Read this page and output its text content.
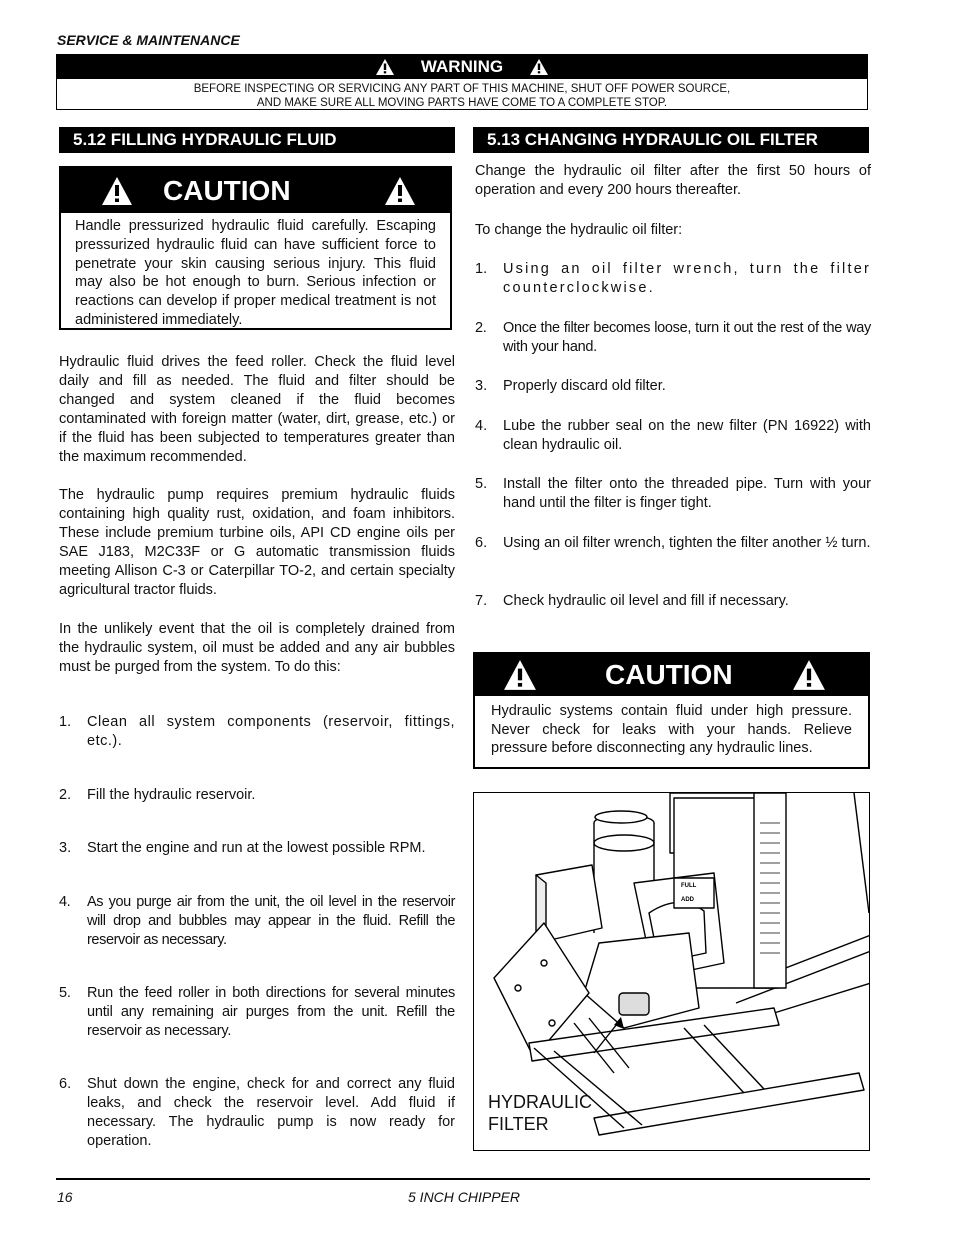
SERVICE & MAINTENANCE
WARNING
BEFORE INSPECTING OR SERVICING ANY PART OF THIS MACHINE, SHUT OFF POWER SOURCE,
AND MAKE SURE ALL MOVING PARTS HAVE COME TO A COMPLETE STOP.
5.12 FILLING HYDRAULIC FLUID
CAUTION
Handle pressurized hydraulic fluid carefully. Escaping pressurized hydraulic fluid can have sufficient force to penetrate your skin causing serious injury. This fluid may also be hot enough to burn. Serious infection or reactions can develop if proper medical treatment is not administered immediately.

Hydraulic fluid drives the feed roller. Check the fluid level daily and fill as needed. The fluid and filter should be changed and system cleaned if the fluid becomes contaminated with foreign matter (water, dirt, grease, etc.) or if the fluid has been subjected to temperatures greater than the maximum recommended.

The hydraulic pump requires premium hydraulic fluids containing high quality rust, oxidation, and foam inhibitors. These include premium turbine oils, API CD engine oils per SAE J183, M2C33F or G automatic transmission fluids meeting Allison C-3 or Caterpillar TO-2, and certain specialty agricultural tractor fluids.

In the unlikely event that the oil is completely drained from the hydraulic system, oil must be added and any air bubbles must be purged from the system. To do this:

1. Clean all system components (reservoir, fittings, etc.).
2. Fill the hydraulic reservoir.
3. Start the engine and run at the lowest possible RPM.
4. As you purge air from the unit, the oil level in the reservoir will drop and bubbles may appear in the fluid. Refill the reservoir as necessary.
5. Run the feed roller in both directions for several minutes until any remaining air purges from the unit. Refill the reservoir as necessary.
6. Shut down the engine, check for and correct any fluid leaks, and check the reservoir level. Add fluid if necessary. The hydraulic pump is now ready for operation.
5.13 CHANGING HYDRAULIC OIL FILTER

Change the hydraulic oil filter after the first 50 hours of operation and every 200 hours thereafter.

To change the hydraulic oil filter:

1. Using an oil filter wrench, turn the filter counterclockwise.
2. Once the filter becomes loose, turn it out the rest of the way with your hand.
3. Properly discard old filter.
4. Lube the rubber seal on the new filter (PN 16922) with clean hydraulic oil.
5. Install the filter onto the threaded pipe. Turn with your hand until the filter is finger tight.
6. Using an oil filter wrench, tighten the filter another ½ turn.
7. Check hydraulic oil level and fill if necessary.
CAUTION
Hydraulic systems contain fluid under high pressure. Never check for leaks with your hands. Relieve pressure before disconnecting any hydraulic lines.
FULL
ADD
HYDRAULIC
FILTER
16	5 INCH CHIPPER
